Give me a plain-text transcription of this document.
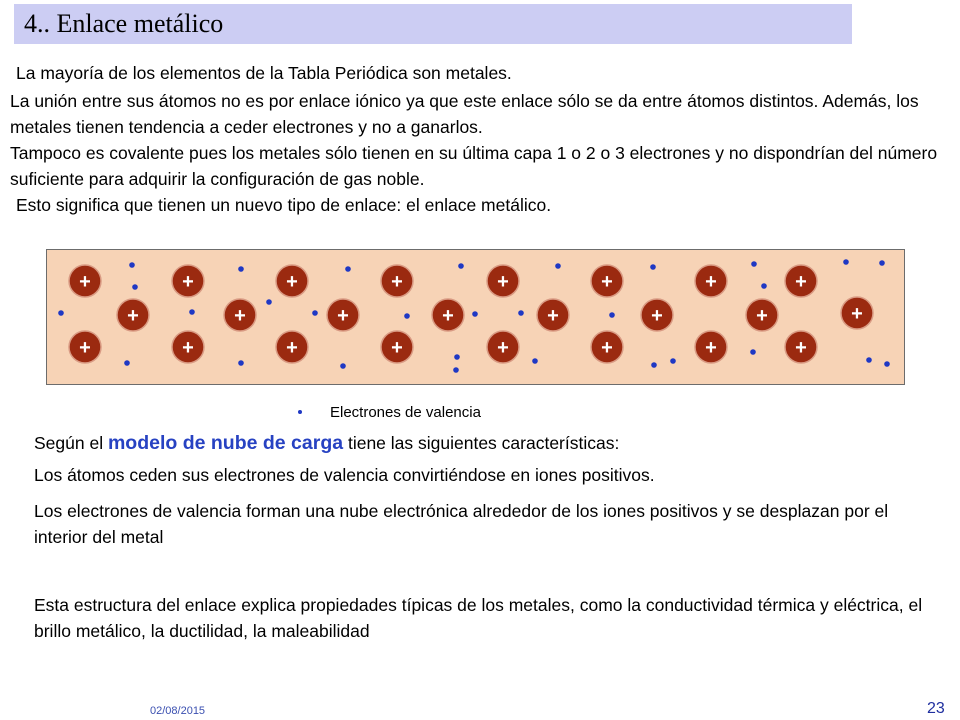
4.. Enlace metálico

La mayoría de los elementos de la Tabla Periódica son metales.

La unión entre sus átomos no es por enlace iónico ya que este enlace sólo se da entre átomos distintos. Además, los metales tienen tendencia a ceder electrones y no a ganarlos.

Tampoco es covalente pues los metales sólo tienen en su última capa 1 o 2 o 3 electrones y no dispondrían del número suficiente para adquirir la configuración de gas noble.

Esto significa que tienen un nuevo tipo de enlace: el enlace metálico.

+	+	+	+	+	+	+	+
+	+	+	+	+	+	+	+
+	+	+	+	+	+	+	+
Electrones de valencia

Según el modelo de nube de carga tiene las siguientes características:

Los átomos ceden sus electrones de valencia convirtiéndose en iones positivos.

Los electrones de valencia forman una nube electrónica alrededor de los iones positivos y se desplazan por el interior del metal

Esta estructura del enlace explica propiedades típicas de los metales, como la conductividad térmica y eléctrica, el brillo metálico, la ductilidad, la maleabilidad

02/08/2015	23
